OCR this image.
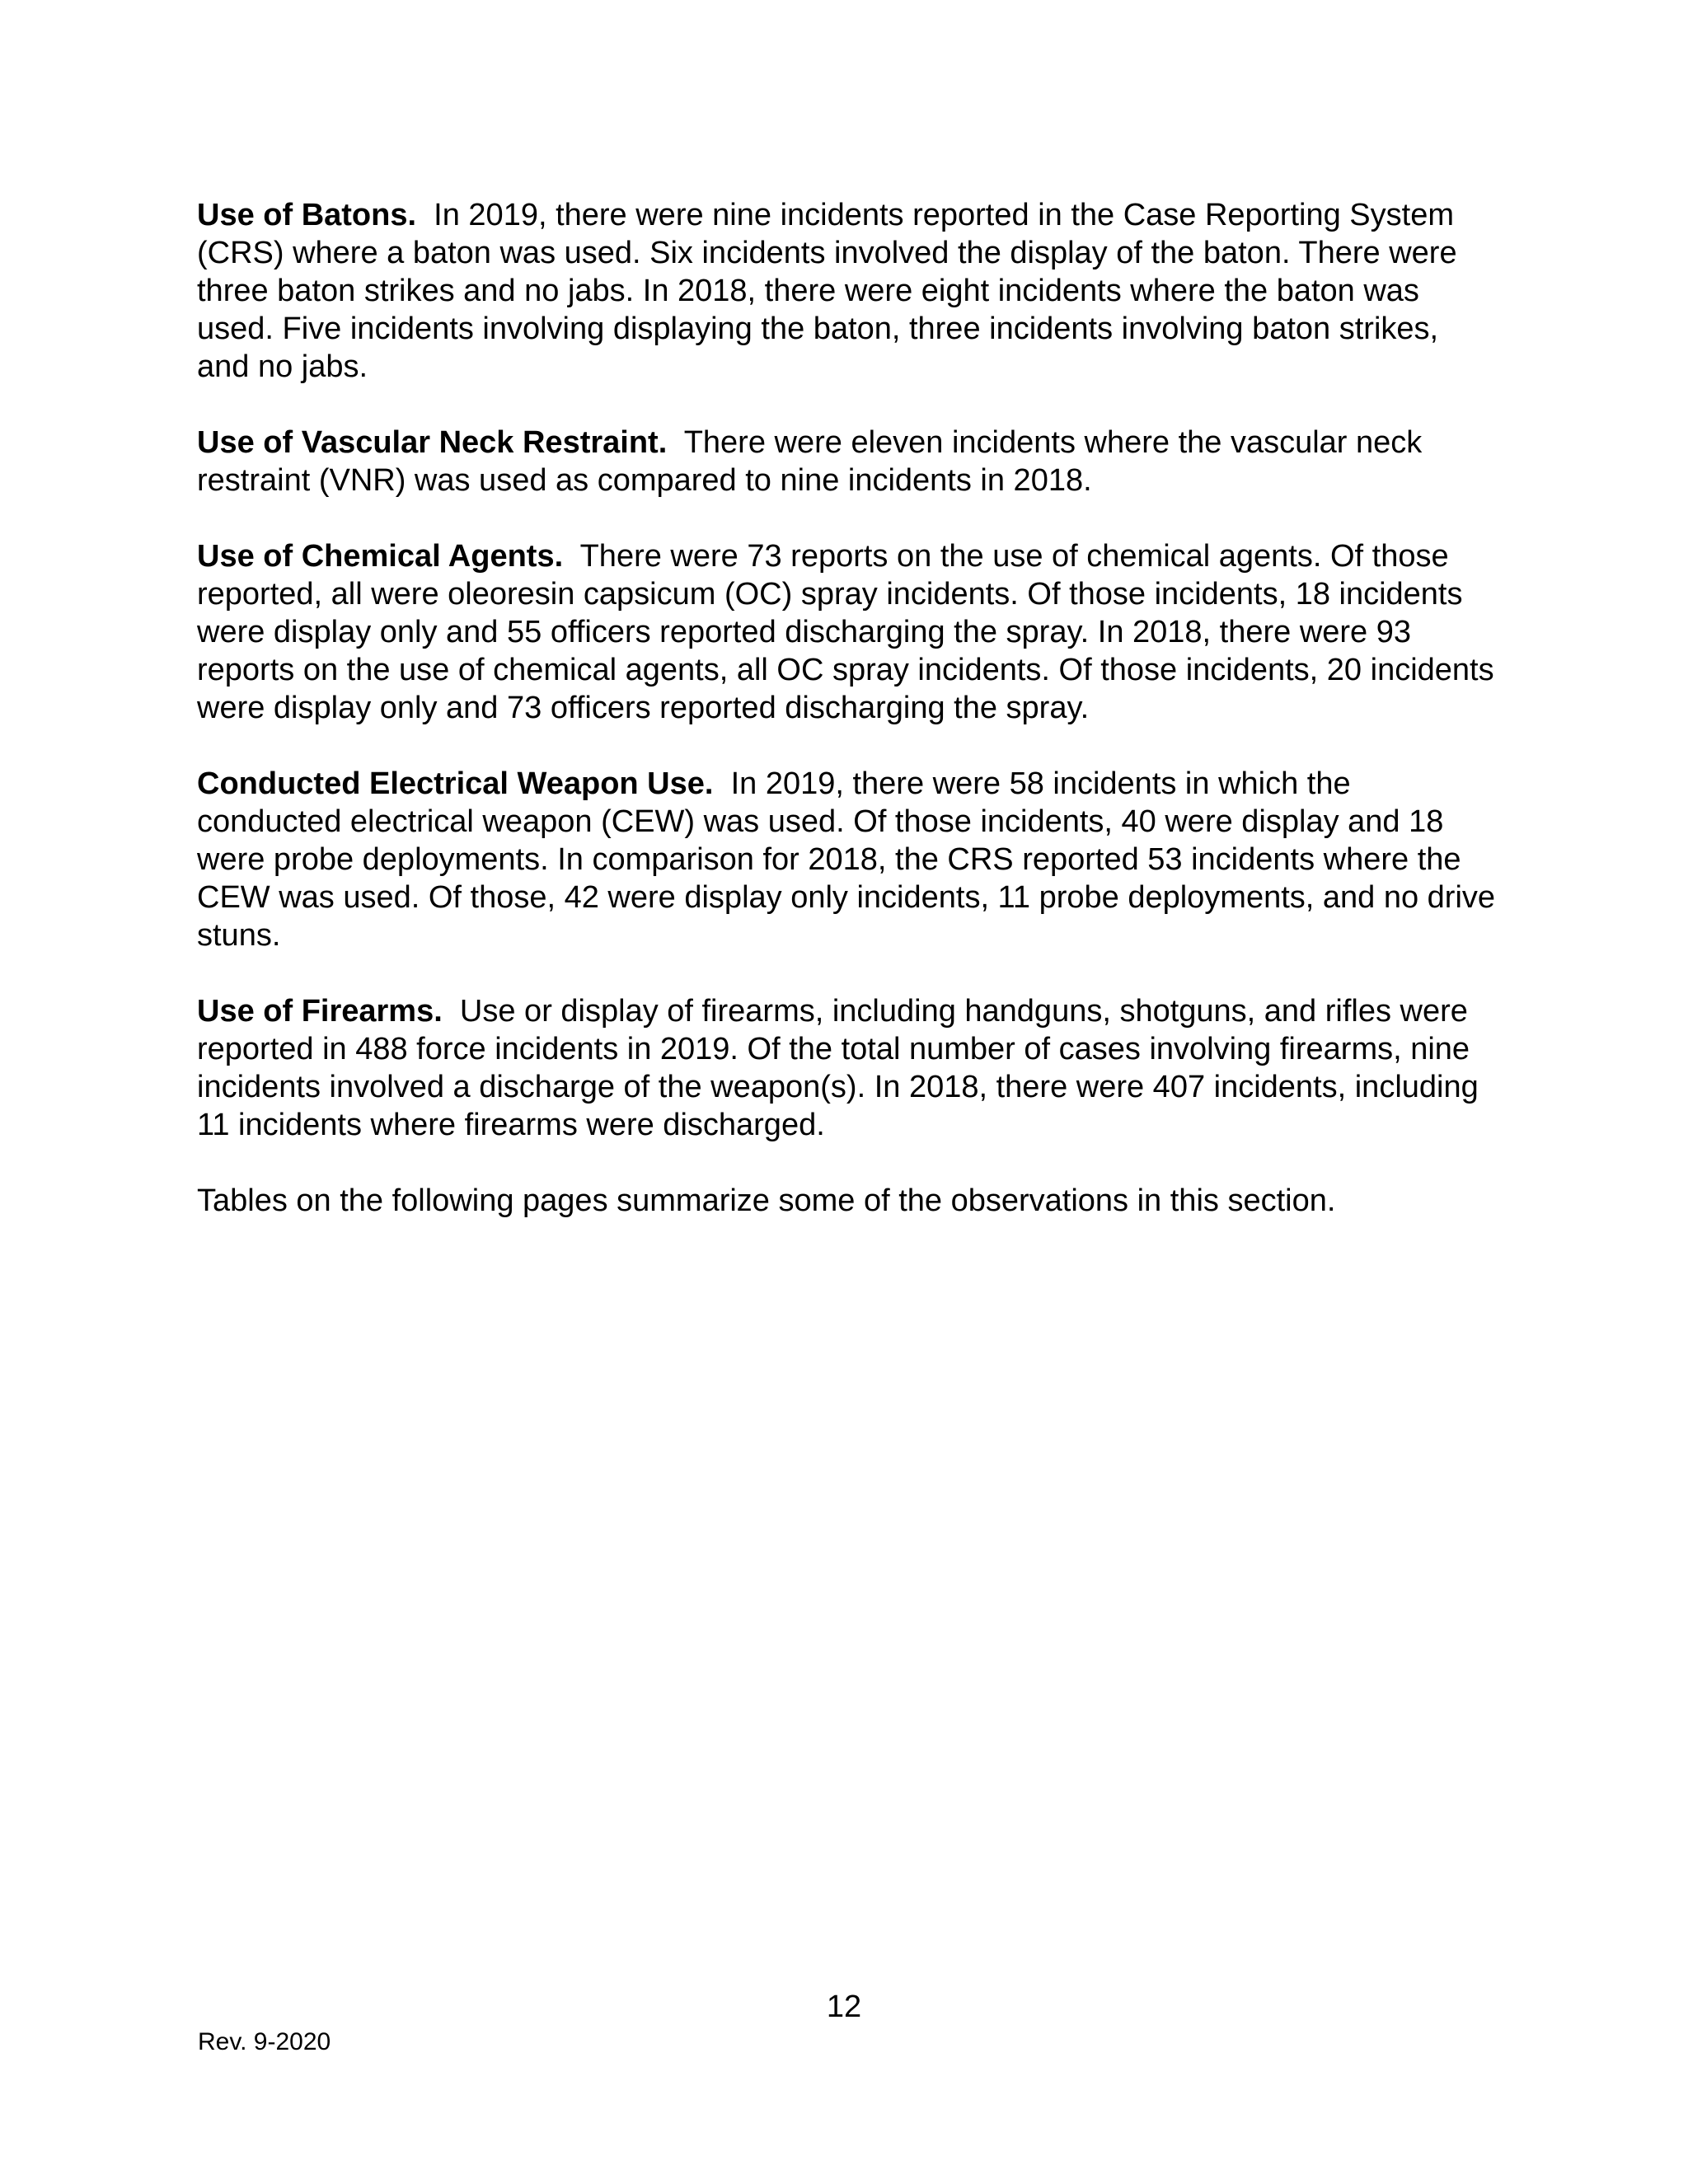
Use of Batons. In 2019, there were nine incidents reported in the Case Reporting System (CRS) where a baton was used. Six incidents involved the display of the baton. There were three baton strikes and no jabs. In 2018, there were eight incidents where the baton was used. Five incidents involving displaying the baton, three incidents involving baton strikes, and no jabs.

Use of Vascular Neck Restraint. There were eleven incidents where the vascular neck restraint (VNR) was used as compared to nine incidents in 2018.

Use of Chemical Agents. There were 73 reports on the use of chemical agents. Of those reported, all were oleoresin capsicum (OC) spray incidents. Of those incidents, 18 incidents were display only and 55 officers reported discharging the spray. In 2018, there were 93 reports on the use of chemical agents, all OC spray incidents. Of those incidents, 20 incidents were display only and 73 officers reported discharging the spray.

Conducted Electrical Weapon Use. In 2019, there were 58 incidents in which the conducted electrical weapon (CEW) was used. Of those incidents, 40 were display and 18 were probe deployments. In comparison for 2018, the CRS reported 53 incidents where the CEW was used. Of those, 42 were display only incidents, 11 probe deployments, and no drive stuns.

Use of Firearms. Use or display of firearms, including handguns, shotguns, and rifles were reported in 488 force incidents in 2019. Of the total number of cases involving firearms, nine incidents involved a discharge of the weapon(s). In 2018, there were 407 incidents, including 11 incidents where firearms were discharged.

Tables on the following pages summarize some of the observations in this section.

12
Rev. 9-2020
